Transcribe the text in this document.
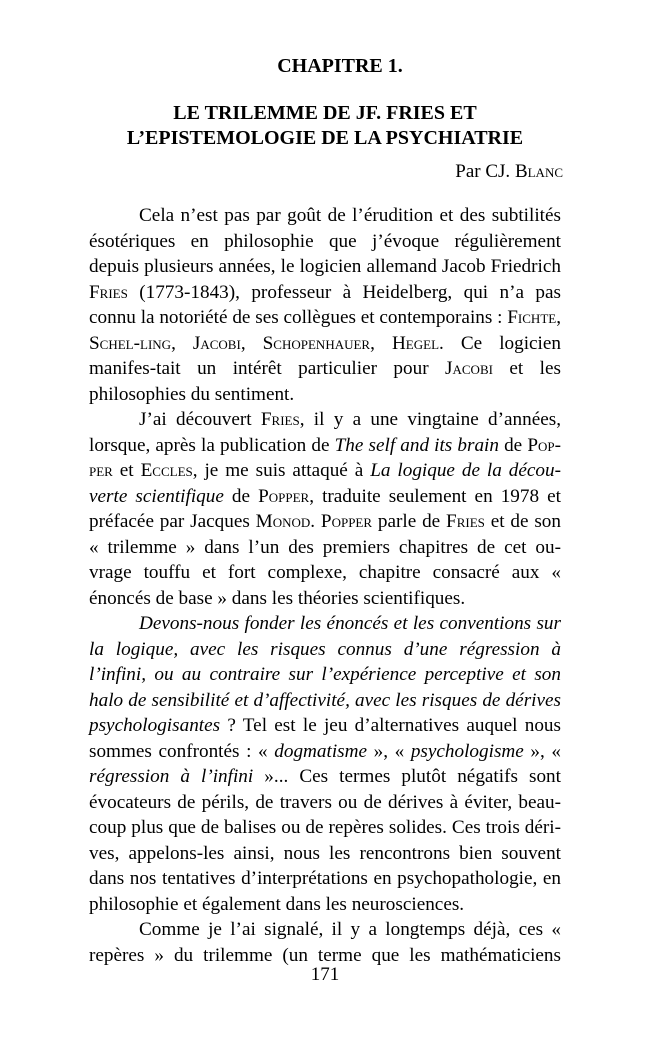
CHAPITRE 1.
LE TRILEMME DE JF. FRIES ET
L’EPISTEMOLOGIE DE LA PSYCHIATRIE
Par CJ. Blanc

Cela n’est pas par goût de l’érudition et des subtilités ésotériques en philosophie que j’évoque régulièrement depuis plusieurs années, le logicien allemand Jacob Friedrich Fries (1773-1843), professeur à Heidelberg, qui n’a pas connu la notoriété de ses collègues et contemporains : Fichte, Schel-ling, Jacobi, Schopenhauer, Hegel. Ce logicien manifes-tait un intérêt particulier pour Jacobi et les philosophies du sentiment.

J’ai découvert Fries, il y a une vingtaine d’années, lorsque, après la publication de The self and its brain de Pop-per et Eccles, je me suis attaqué à La logique de la décou-verte scientifique de Popper, traduite seulement en 1978 et préfacée par Jacques Monod. Popper parle de Fries et de son « trilemme » dans l’un des premiers chapitres de cet ou-vrage touffu et fort complexe, chapitre consacré aux « énoncés de base » dans les théories scientifiques.

Devons-nous fonder les énoncés et les conventions sur la logique, avec les risques connus d’une régression à l’infini, ou au contraire sur l’expérience perceptive et son halo de sensibilité et d’affectivité, avec les risques de dérives psychologisantes ? Tel est le jeu d’alternatives auquel nous sommes confrontés : « dogmatisme », « psychologisme », « régression à l’infini »... Ces termes plutôt négatifs sont évocateurs de périls, de travers ou de dérives à éviter, beau-coup plus que de balises ou de repères solides. Ces trois déri-ves, appelons-les ainsi, nous les rencontrons bien souvent dans nos tentatives d’interprétations en psychopathologie, en philosophie et également dans les neurosciences.

Comme je l’ai signalé, il y a longtemps déjà, ces « repères » du trilemme (un terme que les mathématiciens

171
